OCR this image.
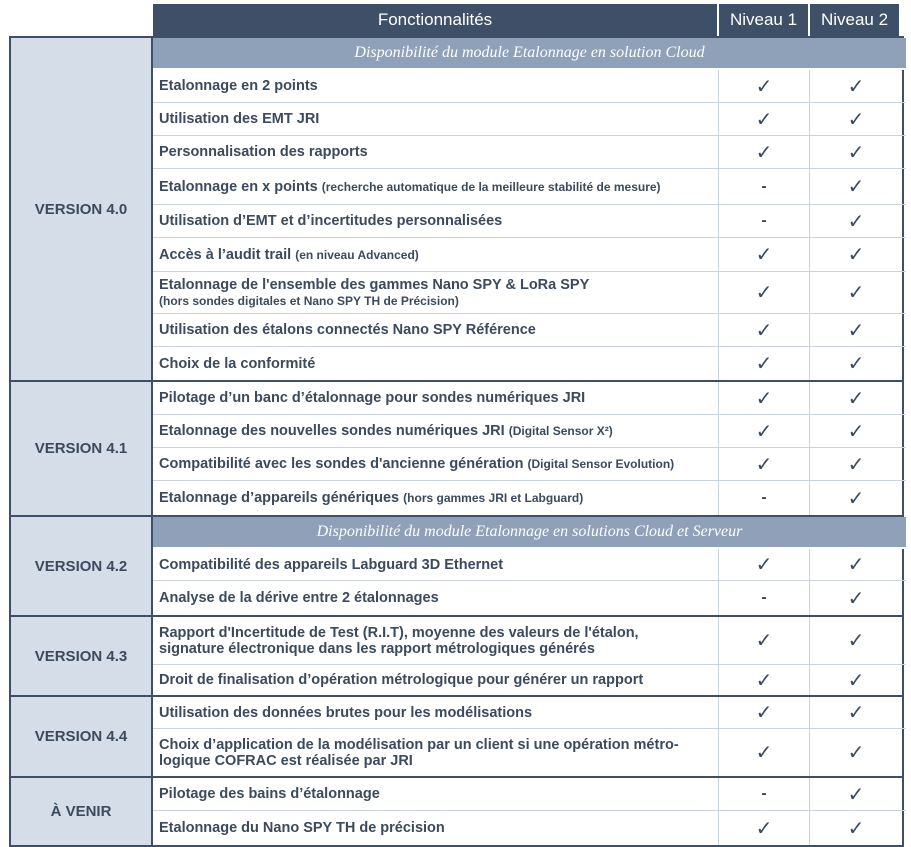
Fonctionnalités	Niveau 1	Niveau 2
VERSION 4.0
Disponibilité du module Etalonnage en solution Cloud
Etalonnage en 2 points	✓	✓
Utilisation des EMT JRI	✓	✓
Personnalisation des rapports	✓	✓
Etalonnage en x points (recherche automatique de la meilleure stabilité de mesure)	-	✓
Utilisation d’EMT et d’incertitudes personnalisées	-	✓
Accès à l’audit trail (en niveau Advanced)	✓	✓
Etalonnage de l'ensemble des gammes Nano SPY & LoRa SPY
(hors sondes digitales et Nano SPY TH de Précision)	✓	✓
Utilisation des étalons connectés Nano SPY Référence	✓	✓
Choix de la conformité	✓	✓
VERSION 4.1
Pilotage d’un banc d’étalonnage pour sondes numériques JRI	✓	✓
Etalonnage des nouvelles sondes numériques JRI (Digital Sensor X²)	✓	✓
Compatibilité avec les sondes d'ancienne génération (Digital Sensor Evolution)	✓	✓
Etalonnage d’appareils génériques (hors gammes JRI et Labguard)	-	✓
VERSION 4.2
Disponibilité du module Etalonnage en solutions Cloud et Serveur
Compatibilité des appareils Labguard 3D Ethernet	✓	✓
Analyse de la dérive entre 2 étalonnages	-	✓
VERSION 4.3
Rapport d'Incertitude de Test (R.I.T), moyenne des valeurs de l'étalon,
signature électronique dans les rapport métrologiques générés	✓	✓
Droit de finalisation d’opération métrologique pour générer un rapport	✓	✓
VERSION 4.4
Utilisation des données brutes pour les modélisations	✓	✓
Choix d’application de la modélisation par un client si une opération métro-
logique COFRAC est réalisée par JRI	✓	✓
À VENIR
Pilotage des bains d’étalonnage	-	✓
Etalonnage du Nano SPY TH de précision	✓	✓
